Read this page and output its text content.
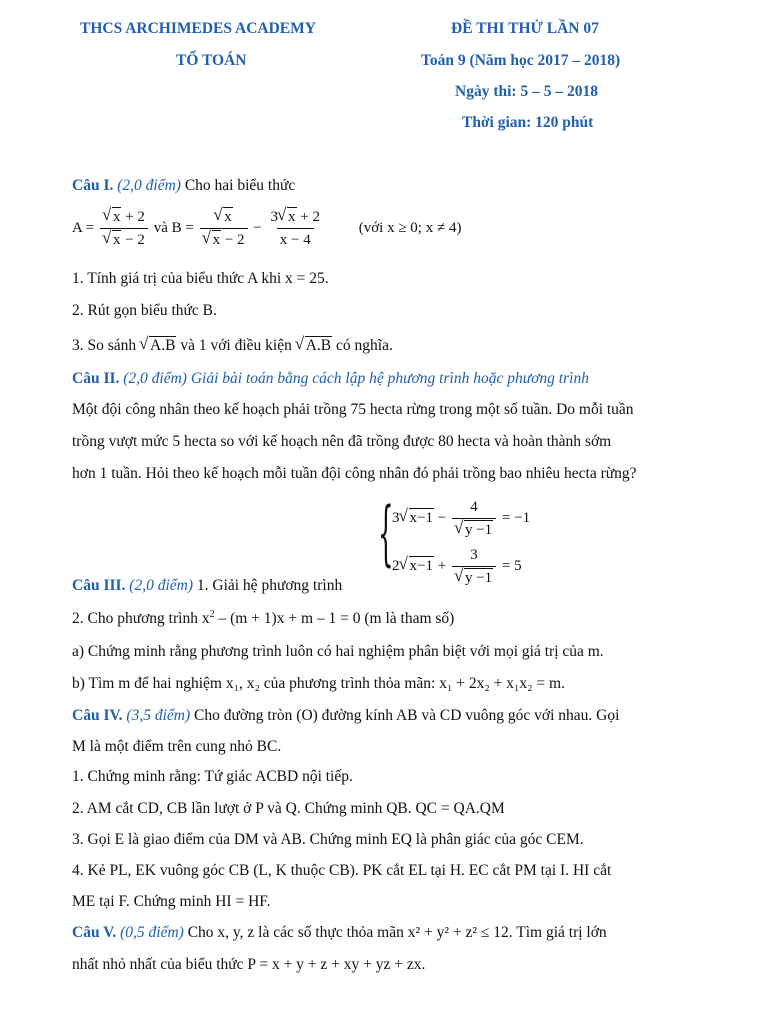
THCS ARCHIMEDES ACADEMY
TỔ TOÁN
ĐỀ THI THỬ LẦN 07
Toán 9 (Năm học 2017 – 2018)
Ngày thi: 5 – 5 – 2018
Thời gian: 120 phút
Câu I. (2,0 điểm) Cho hai biểu thức
A = √ x + 2
√ x − 2 và B = √ x
√ $x - 2 - \frac{3 √ x + 2}{x - 4}$ (với x ≥ 0; x ≠ 4)
1. Tính giá trị của biểu thức A khi x = 25.
2. Rút gọn biểu thức B.
3. So sánh √ A.B và 1 với điều kiện √ A.B có nghĩa.
Câu II. (2,0 điểm) Giải bài toán bằng cách lập hệ phương trình hoặc phương trình
Một đội công nhân theo kế hoạch phải trồng 75 hecta rừng trong một số tuần. Do mỗi tuần
trồng vượt mức 5 hecta so với kế hoạch nên đã trồng được 80 hecta và hoàn thành sớm
hơn 1 tuần. Hỏi theo kế hoạch mỗi tuần đội công nhân đó phải trồng bao nhiêu hecta rừng?
{
3 √ x−1 − 4
√ y −1 = −1
2 √ x−1 + 3
√ y −1 = 5
Câu III. (2,0 điểm) 1. Giải hệ phương trình
2. Cho phương trình $x^2 - (m + 1)x + m - 1 = 0$ (m là tham số)
a) Chứng minh rằng phương trình luôn có hai nghiệm phân biệt với mọi giá trị của m.
b) Tìm m để hai nghiệm x₁, x₂ của phương trình thỏa mãn: x₁ + 2x₂ + x₁x₂ = m.
Câu IV. (3,5 điểm) Cho đường tròn (O) đường kính AB và CD vuông góc với nhau. Gọi
M là một điểm trên cung nhỏ BC.
1. Chứng minh rằng: Tứ giác ACBD nội tiếp.
2. AM cắt CD, CB lần lượt ở P và Q. Chứng minh QB. QC = QA.QM
3. Gọi E là giao điểm của DM và AB. Chứng minh EQ là phân giác của góc CEM.
4. Kẻ PL, EK vuông góc CB (L, K thuộc CB). PK cắt EL tại H. EC cắt PM tại I. HI cắt
ME tại F. Chứng minh HI = HF.
Câu V. (0,5 điểm) Cho x, y, z là các số thực thỏa mãn x² + y² + z² ≤ 12. Tìm giá trị lớn
nhất nhỏ nhất của biểu thức P = x + y + z + xy + yz + zx.
